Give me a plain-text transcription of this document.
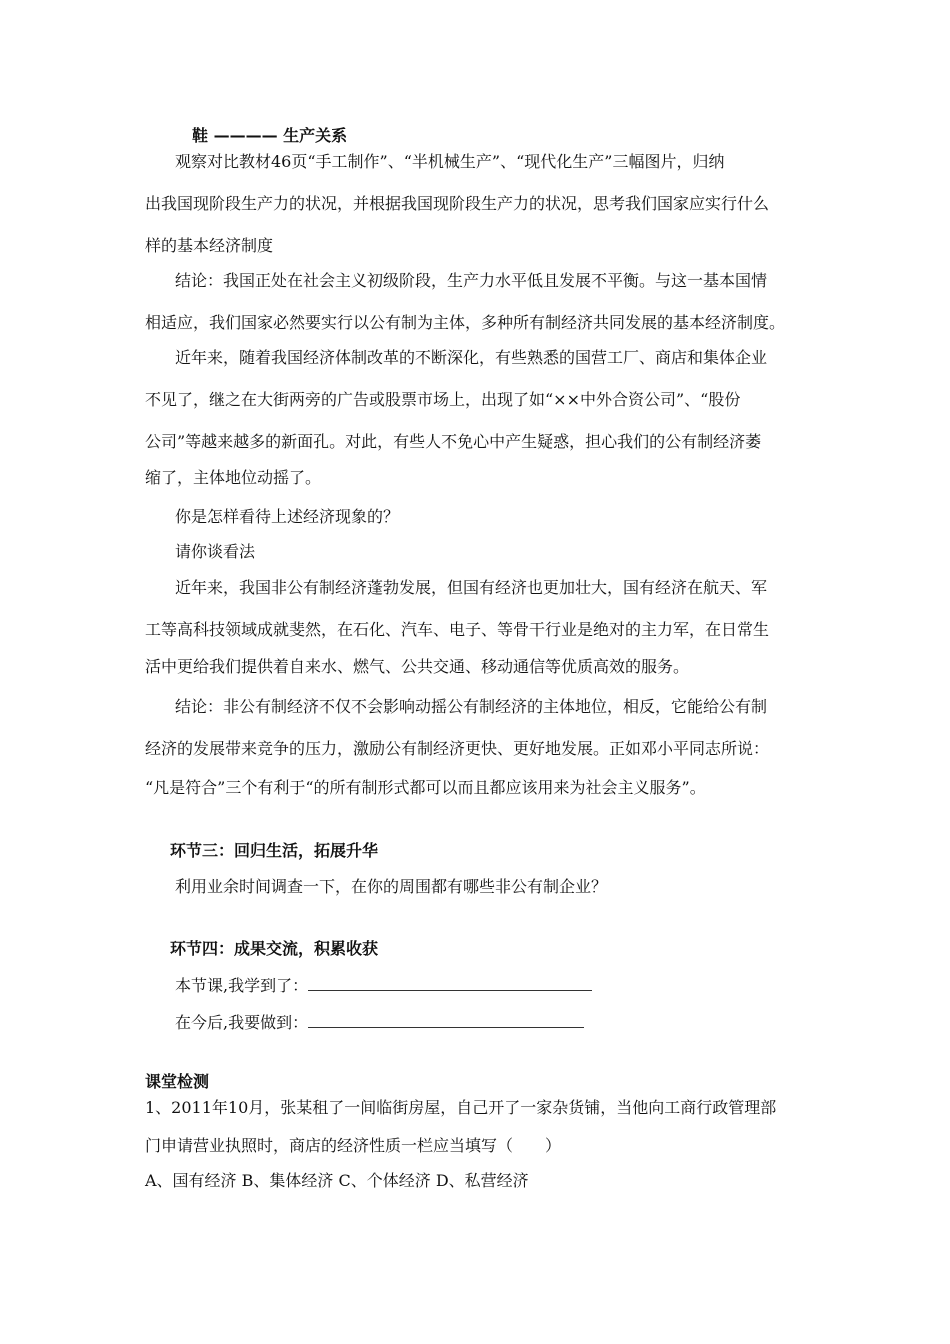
鞋 ———— 生产关系
观察对比教材46页“手工制作”、“半机械生产”、“现代化生产”三幅图片，归纳
出我国现阶段生产力的状况，并根据我国现阶段生产力的状况，思考我们国家应实行什么
样的基本经济制度
结论：我国正处在社会主义初级阶段，生产力水平低且发展不平衡。与这一基本国情
相适应，我们国家必然要实行以公有制为主体，多种所有制经济共同发展的基本经济制度。
近年来，随着我国经济体制改革的不断深化，有些熟悉的国营工厂、商店和集体企业
不见了，继之在大街两旁的广告或股票市场上，出现了如“××中外合资公司”、“股份
公司”等越来越多的新面孔。对此，有些人不免心中产生疑惑，担心我们的公有制经济萎
缩了，主体地位动摇了。
你是怎样看待上述经济现象的？
请你谈看法
近年来，我国非公有制经济蓬勃发展，但国有经济也更加壮大，国有经济在航天、军
工等高科技领域成就斐然，在石化、汽车、电子、等骨干行业是绝对的主力军，在日常生
活中更给我们提供着自来水、燃气、公共交通、移动通信等优质高效的服务。
结论：非公有制经济不仅不会影响动摇公有制经济的主体地位，相反，它能给公有制
经济的发展带来竞争的压力，激励公有制经济更快、更好地发展。正如邓小平同志所说：
“凡是符合”三个有利于“的所有制形式都可以而且都应该用来为社会主义服务”。
环节三：回归生活，拓展升华
利用业余时间调查一下，在你的周围都有哪些非公有制企业？
环节四：成果交流，积累收获
本节课,我学到了：
在今后,我要做到：
课堂检测
1、2011年10月，张某租了一间临街房屋，自己开了一家杂货铺，当他向工商行政管理部
门申请营业执照时，商店的经济性质一栏应当填写（　　）
A、国有经济 B、集体经济 C、个体经济 D、私营经济
